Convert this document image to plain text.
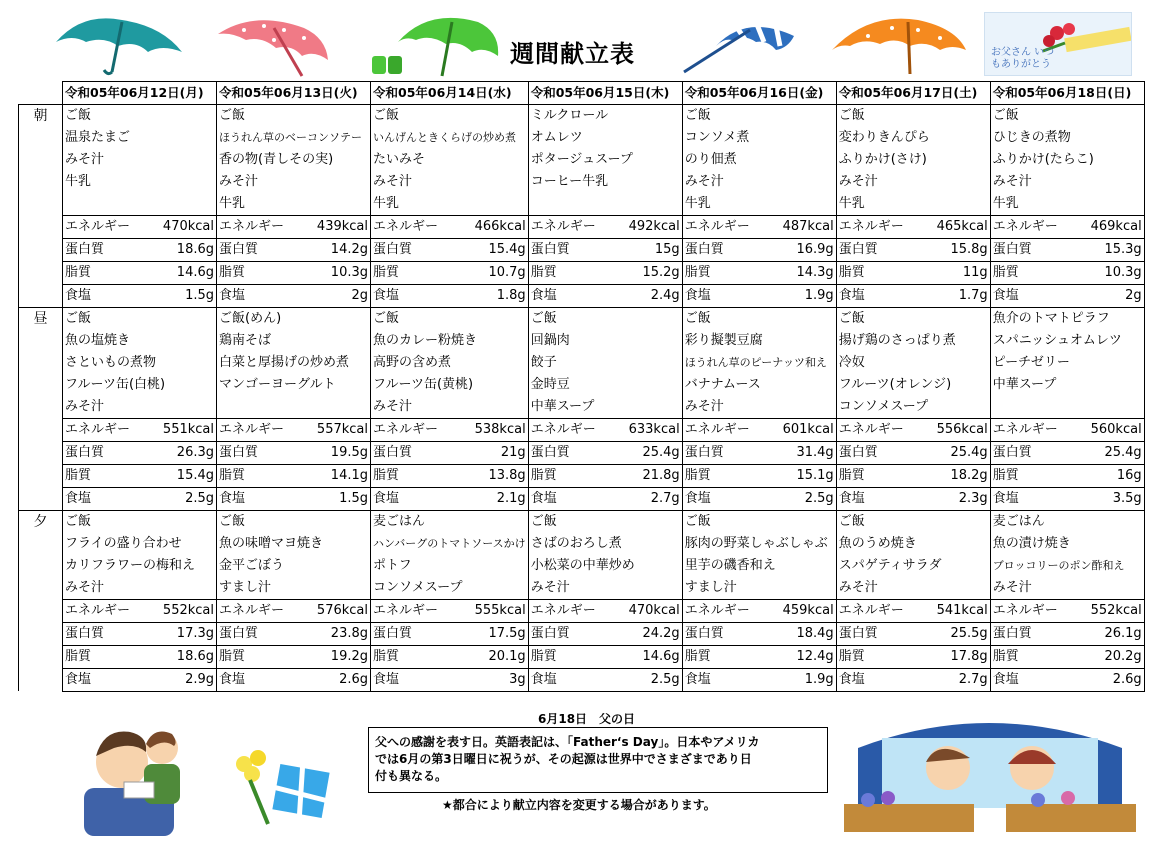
週間献立表	お父さん いつもありがとう
	令和05年06月12日(月)		令和05年06月13日(火)		令和05年06月14日(水)		令和05年06月15日(木)		令和05年06月16日(金)		令和05年06月17日(土)		令和05年06月18日(日)	
朝	ご飯		ご飯		ご飯		ミルクロール		ご飯		ご飯		ご飯	
	温泉たまご		ほうれん草のベーコンソテー		いんげんときくらげの炒め煮		オムレツ		コンソメ煮		変わりきんぴら		ひじきの煮物	
	みそ汁		香の物(青しその実)		たいみそ		ポタージュスープ		のり佃煮		ふりかけ(さけ)		ふりかけ(たらこ)	
	牛乳		みそ汁		みそ汁		コーヒー牛乳		みそ汁		みそ汁		みそ汁	
			牛乳		牛乳				牛乳		牛乳		牛乳	
	エネルギー	470kcal	エネルギー	439kcal	エネルギー	466kcal	エネルギー	492kcal	エネルギー	487kcal	エネルギー	465kcal	エネルギー	469kcal
	蛋白質	18.6g	蛋白質	14.2g	蛋白質	15.4g	蛋白質	15g	蛋白質	16.9g	蛋白質	15.8g	蛋白質	15.3g
	脂質	14.6g	脂質	10.3g	脂質	10.7g	脂質	15.2g	脂質	14.3g	脂質	11g	脂質	10.3g
	食塩	1.5g	食塩	2g	食塩	1.8g	食塩	2.4g	食塩	1.9g	食塩	1.7g	食塩	2g
昼	ご飯		ご飯(めん)		ご飯		ご飯		ご飯		ご飯		魚介のトマトピラフ	
	魚の塩焼き		鶏南そば		魚のカレー粉焼き		回鍋肉		彩り擬製豆腐		揚げ鶏のさっぱり煮		スパニッシュオムレツ	
	さといもの煮物		白菜と厚揚げの炒め煮		高野の含め煮		餃子		ほうれん草のピーナッツ和え		冷奴		ピーチゼリー	
	フルーツ缶(白桃)		マンゴーヨーグルト		フルーツ缶(黄桃)		金時豆		バナナムース		フルーツ(オレンジ)		中華スープ	
	みそ汁				みそ汁		中華スープ		みそ汁		コンソメスープ			
	エネルギー	551kcal	エネルギー	557kcal	エネルギー	538kcal	エネルギー	633kcal	エネルギー	601kcal	エネルギー	556kcal	エネルギー	560kcal
	蛋白質	26.3g	蛋白質	19.5g	蛋白質	21g	蛋白質	25.4g	蛋白質	31.4g	蛋白質	25.4g	蛋白質	25.4g
	脂質	15.4g	脂質	14.1g	脂質	13.8g	脂質	21.8g	脂質	15.1g	脂質	18.2g	脂質	16g
	食塩	2.5g	食塩	1.5g	食塩	2.1g	食塩	2.7g	食塩	2.5g	食塩	2.3g	食塩	3.5g
夕	ご飯		ご飯		麦ごはん		ご飯		ご飯		ご飯		麦ごはん	
	フライの盛り合わせ		魚の味噌マヨ焼き		ハンバーグのトマトソースかけ		さばのおろし煮		豚肉の野菜しゃぶしゃぶ		魚のうめ焼き		魚の漬け焼き	
	カリフラワーの梅和え		金平ごぼう		ポトフ		小松菜の中華炒め		里芋の磯香和え		スパゲティサラダ		ブロッコリーのポン酢和え	
	みそ汁		すまし汁		コンソメスープ		みそ汁		すまし汁		みそ汁		みそ汁	
	エネルギー	552kcal	エネルギー	576kcal	エネルギー	555kcal	エネルギー	470kcal	エネルギー	459kcal	エネルギー	541kcal	エネルギー	552kcal
	蛋白質	17.3g	蛋白質	23.8g	蛋白質	17.5g	蛋白質	24.2g	蛋白質	18.4g	蛋白質	25.5g	蛋白質	26.1g
	脂質	18.6g	脂質	19.2g	脂質	20.1g	脂質	14.6g	脂質	12.4g	脂質	17.8g	脂質	20.2g
	食塩	2.9g	食塩	2.6g	食塩	3g	食塩	2.5g	食塩	1.9g	食塩	2.7g	食塩	2.6g
6月18日　父の日
父への感謝を表す日。英語表記は、「Father‘s Day」。日本やアメリカ
では6月の第3日曜日に祝うが、その起源は世界中でさまざまであり日
付も異なる。
★都合により献立内容を変更する場合があります。
